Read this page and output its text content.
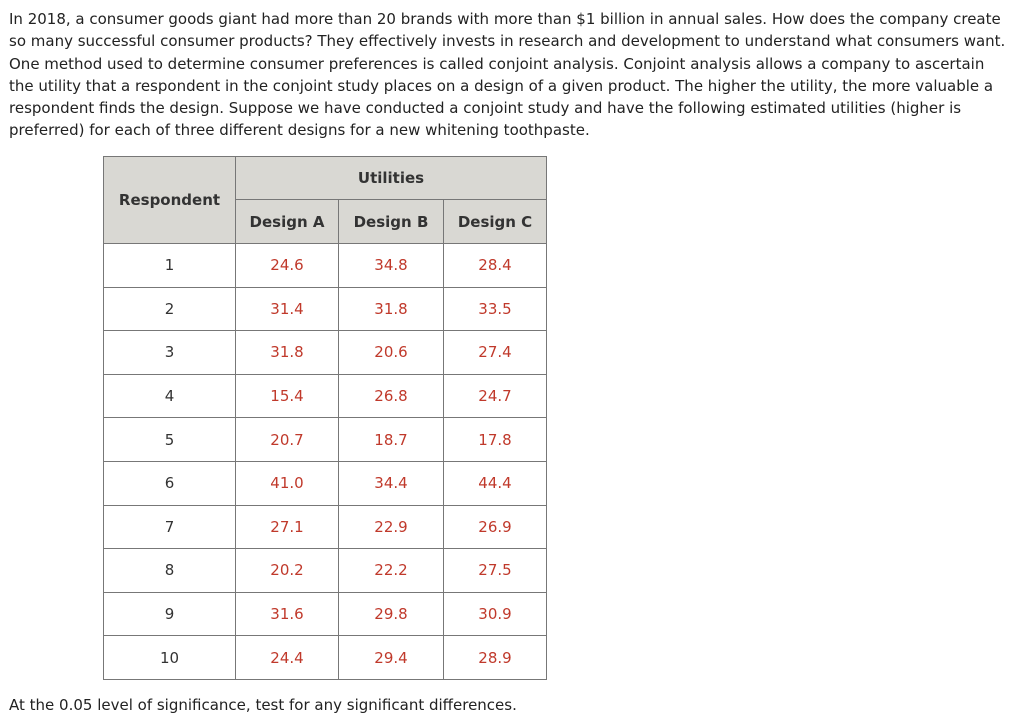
In 2018, a consumer goods giant had more than 20 brands with more than $1 billion in annual sales. How does the company create so many successful consumer products? They effectively invests in research and development to understand what consumers want. One method used to determine consumer preferences is called conjoint analysis. Conjoint analysis allows a company to ascertain the utility that a respondent in the conjoint study places on a design of a given product. The higher the utility, the more valuable a respondent finds the design. Suppose we have conducted a conjoint study and have the following estimated utilities (higher is preferred) for each of three different designs for a new whitening toothpaste.

Respondent	Utilities		
	Design A	Design B	Design C
1	24.6	34.8	28.4
2	31.4	31.8	33.5
3	31.8	20.6	27.4
4	15.4	26.8	24.7
5	20.7	18.7	17.8
6	41.0	34.4	44.4
7	27.1	22.9	26.9
8	20.2	22.2	27.5
9	31.6	29.8	30.9
10	24.4	29.4	28.9

At the 0.05 level of significance, test for any significant differences.
